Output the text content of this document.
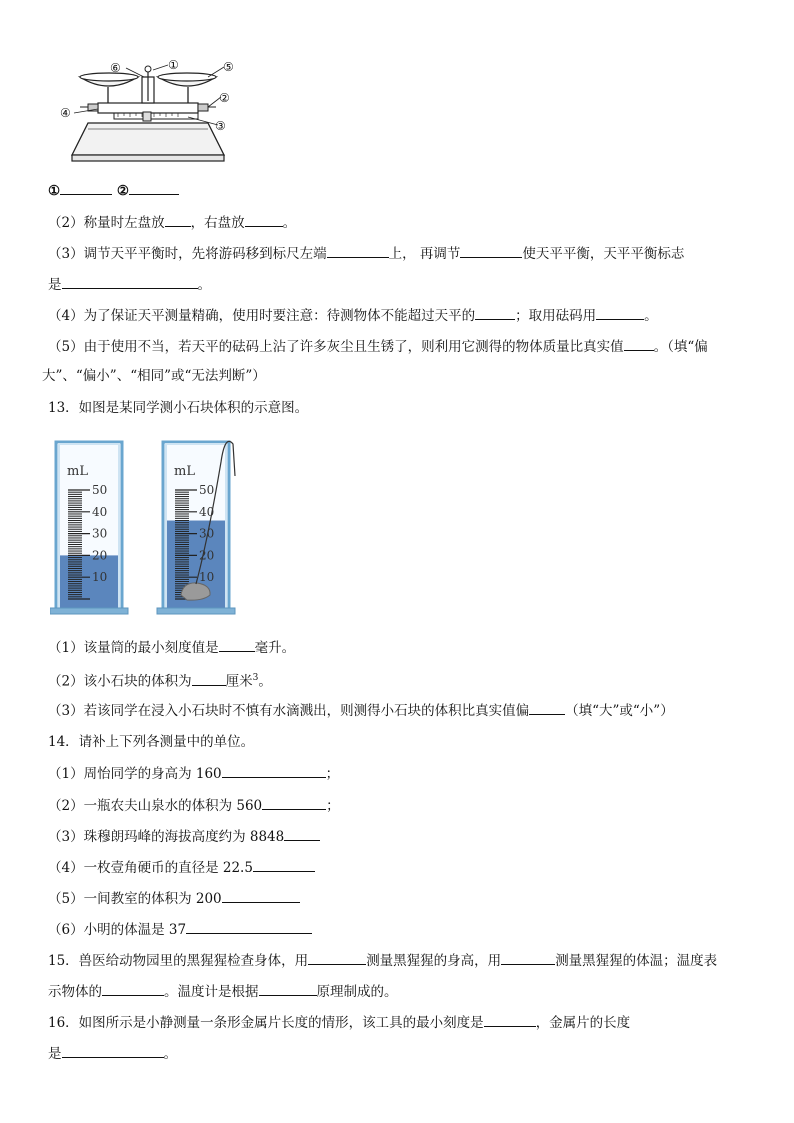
①
②
③
④
⑤
⑥
①	②
（2）称量时左盘放 ，右盘放	。
（3）调节天平平衡时，先将游码移到标尺左端	上， 再调节	使天平平衡，天平平衡标志
是	。
（4）为了保证天平测量精确，使用时要注意：待测物体不能超过天平的	；取用砝码用	。
（5）由于使用不当，若天平的砝码上沾了许多灰尘且生锈了，则利用它测得的物体质量比真实值 。（填“偏
大”、“偏小”、“相同”或“无法判断”）
13．如图是某同学测小石块体积的示意图。
mL
50
40
30
20
10
mL
50
40
30
20
10
（1）该量筒的最小刻度值是	毫升。
（2）该小石块的体积为	厘米$^3$。
（3）若该同学在浸入小石块时不慎有水滴溅出，则测得小石块的体积比真实值偏	（填“大”或“小”）
14．请补上下列各测量中的单位。
（1）周怡同学的身高为 160	；
（2）一瓶农夫山泉水的体积为 560	；
（3）珠穆朗玛峰的海拔高度约为 8848
（4）一枚壹角硬币的直径是 22.5
（5）一间教室的体积为 200
（6）小明的体温是 37
15．兽医给动物园里的黑猩猩检查身体，用	测量黑猩猩的身高，用	测量黑猩猩的体温；温度表
示物体的	。温度计是根据	原理制成的。
16．如图所示是小静测量一条形金属片长度的情形，该工具的最小刻度是	，金属片的长度
是	。
